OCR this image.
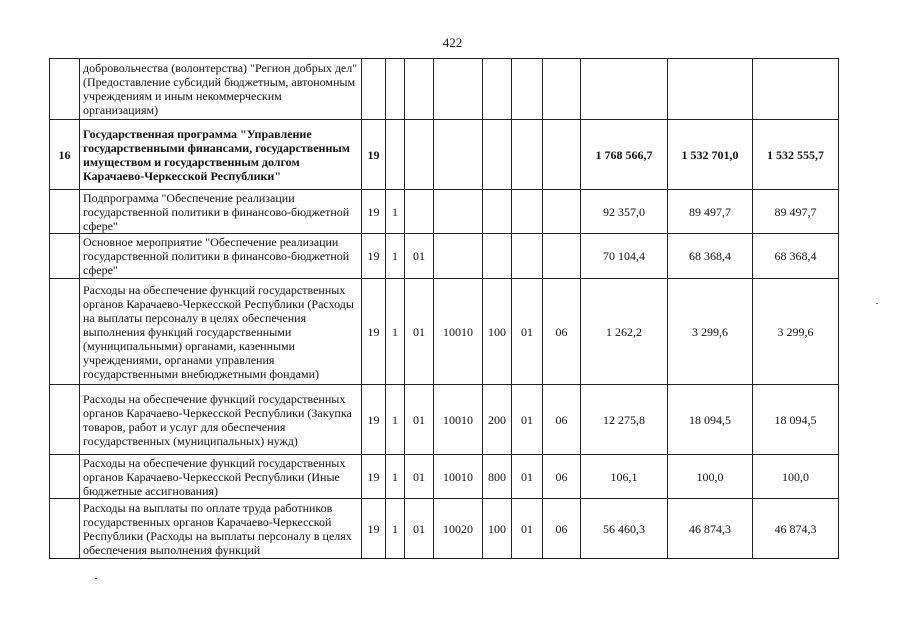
422
	добровольчества (волонтерства) "Регион добрых дел" (Предоставление субсидий бюджетным, автономным учреждениям и иным некоммерческим организациям)										
16	Государственная программа "Управление государственными финансами, государственным имуществом и государственным долгом Карачаево-Черкесской Республики"	19							1 768 566,7	1 532 701,0	1 532 555,7
	Подпрограмма "Обеспечение реализации государственной политики в финансово-бюджетной сфере"	19	1						92 357,0	89 497,7	89 497,7
	Основное мероприятие "Обеспечение реализации государственной политики в финансово-бюджетной сфере"	19	1	01					70 104,4	68 368,4	68 368,4
	Расходы на обеспечение функций государственных органов Карачаево-Черкесской Республики (Расходы на выплаты персоналу в целях обеспечения выполнения функций государственными (муниципальными) органами, казенными учреждениями, органами управления государственными внебюджетными фондами)	19	1	01	10010	100	01	06	1 262,2	3 299,6	3 299,6
	Расходы на обеспечение функций государственных органов Карачаево-Черкесской Республики (Закупка товаров, работ и услуг для обеспечения государственных (муниципальных) нужд)	19	1	01	10010	200	01	06	12 275,8	18 094,5	18 094,5
	Расходы на обеспечение функций государственных органов Карачаево-Черкесской Республики (Иные бюджетные ассигнования)	19	1	01	10010	800	01	06	106,1	100,0	100,0
	Расходы на выплаты по оплате труда работников государственных органов Карачаево-Черкесской Республики (Расходы на выплаты персоналу в целях обеспечения выполнения функций	19	1	01	10020	100	01	06	56 460,3	46 874,3	46 874,3
